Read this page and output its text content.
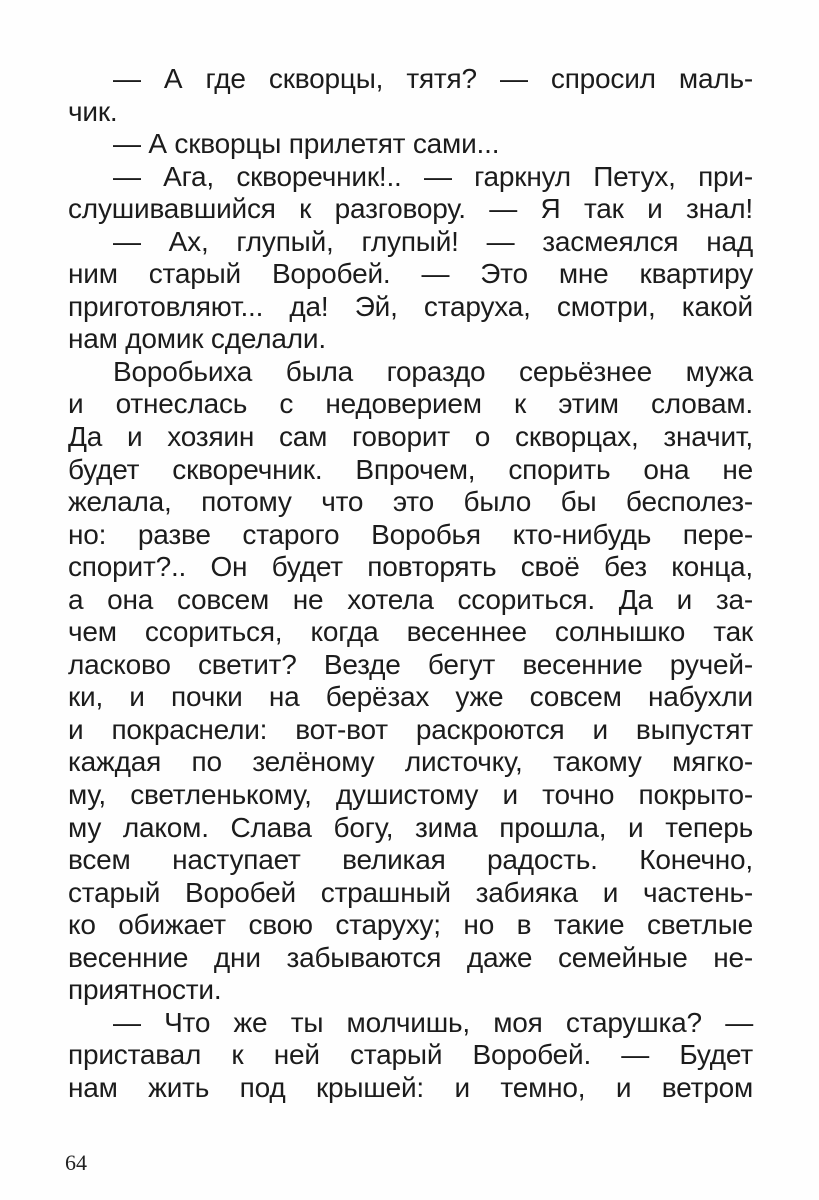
— А где скворцы, тятя? — спросил маль-
чик.
— А скворцы прилетят сами...
— Ага, скворечник!.. — гаркнул Петух, при-
слушивавшийся к разговору. — Я так и знал!
— Ах, глупый, глупый! — засмеялся над
ним старый Воробей. — Это мне квартиру
приготовляют... да! Эй, старуха, смотри, какой
нам домик сделали.
Воробьиха была гораздо серьёзнее мужа
и отнеслась с недоверием к этим словам.
Да и хозяин сам говорит о скворцах, значит,
будет скворечник. Впрочем, спорить она не
желала, потому что это было бы бесполез-
но: разве старого Воробья кто-нибудь пере-
спорит?.. Он будет повторять своё без конца,
а она совсем не хотела ссориться. Да и за-
чем ссориться, когда весеннее солнышко так
ласково светит? Везде бегут весенние ручей-
ки, и почки на берёзах уже совсем набухли
и покраснели: вот-вот раскроются и выпустят
каждая по зелёному листочку, такому мягко-
му, светленькому, душистому и точно покрыто-
му лаком. Слава богу, зима прошла, и теперь
всем наступает великая радость. Конечно,
старый Воробей страшный забияка и частень-
ко обижает свою старуху; но в такие светлые
весенние дни забываются даже семейные не-
приятности.
— Что же ты молчишь, моя старушка? —
приставал к ней старый Воробей. — Будет
нам жить под крышей: и темно, и ветром
64
